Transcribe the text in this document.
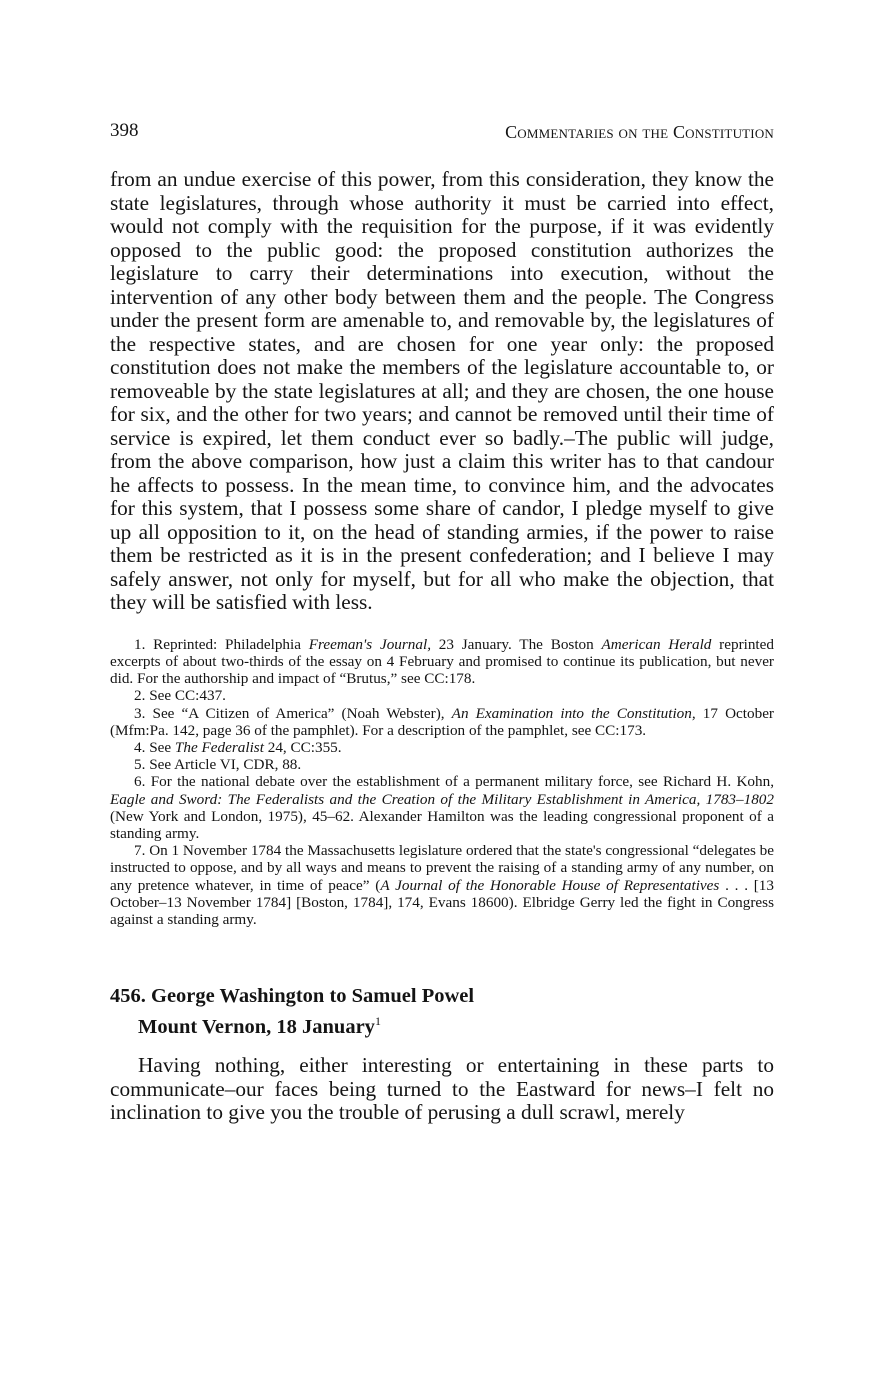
398	Commentaries on the Constitution

from an undue exercise of this power, from this consideration, they know the state legislatures, through whose authority it must be carried into effect, would not comply with the requisition for the purpose, if it was evidently opposed to the public good: the proposed constitution authorizes the legislature to carry their determinations into execution, without the intervention of any other body between them and the people. The Congress under the present form are amenable to, and removable by, the legislatures of the respective states, and are chosen for one year only: the proposed constitution does not make the members of the legislature accountable to, or removeable by the state legislatures at all; and they are chosen, the one house for six, and the other for two years; and cannot be removed until their time of service is expired, let them conduct ever so badly.–The public will judge, from the above comparison, how just a claim this writer has to that candour he affects to possess. In the mean time, to convince him, and the advocates for this system, that I possess some share of candor, I pledge myself to give up all opposition to it, on the head of standing armies, if the power to raise them be restricted as it is in the present confederation; and I believe I may safely answer, not only for myself, but for all who make the objection, that they will be satisfied with less.

1. Reprinted: Philadelphia Freeman's Journal, 23 January. The Boston American Herald reprinted excerpts of about two-thirds of the essay on 4 February and promised to continue its publication, but never did. For the authorship and impact of “Brutus,” see CC:178.

2. See CC:437.

3. See “A Citizen of America” (Noah Webster), An Examination into the Constitution, 17 October (Mfm:Pa. 142, page 36 of the pamphlet). For a description of the pamphlet, see CC:173.

4. See The Federalist 24, CC:355.

5. See Article VI, CDR, 88.

6. For the national debate over the establishment of a permanent military force, see Richard H. Kohn, Eagle and Sword: The Federalists and the Creation of the Military Establishment in America, 1783–1802 (New York and London, 1975), 45–62. Alexander Hamilton was the leading congressional proponent of a standing army.

7. On 1 November 1784 the Massachusetts legislature ordered that the state's congressional “delegates be instructed to oppose, and by all ways and means to prevent the raising of a standing army of any number, on any pretence whatever, in time of peace” (A Journal of the Honorable House of Representatives . . . [13 October–13 November 1784] [Boston, 1784], 174, Evans 18600). Elbridge Gerry led the fight in Congress against a standing army.

456. George Washington to Samuel Powel
Mount Vernon, 18 January$^1$

Having nothing, either interesting or entertaining in these parts to communicate–our faces being turned to the Eastward for news–I felt no inclination to give you the trouble of perusing a dull scrawl, merely
